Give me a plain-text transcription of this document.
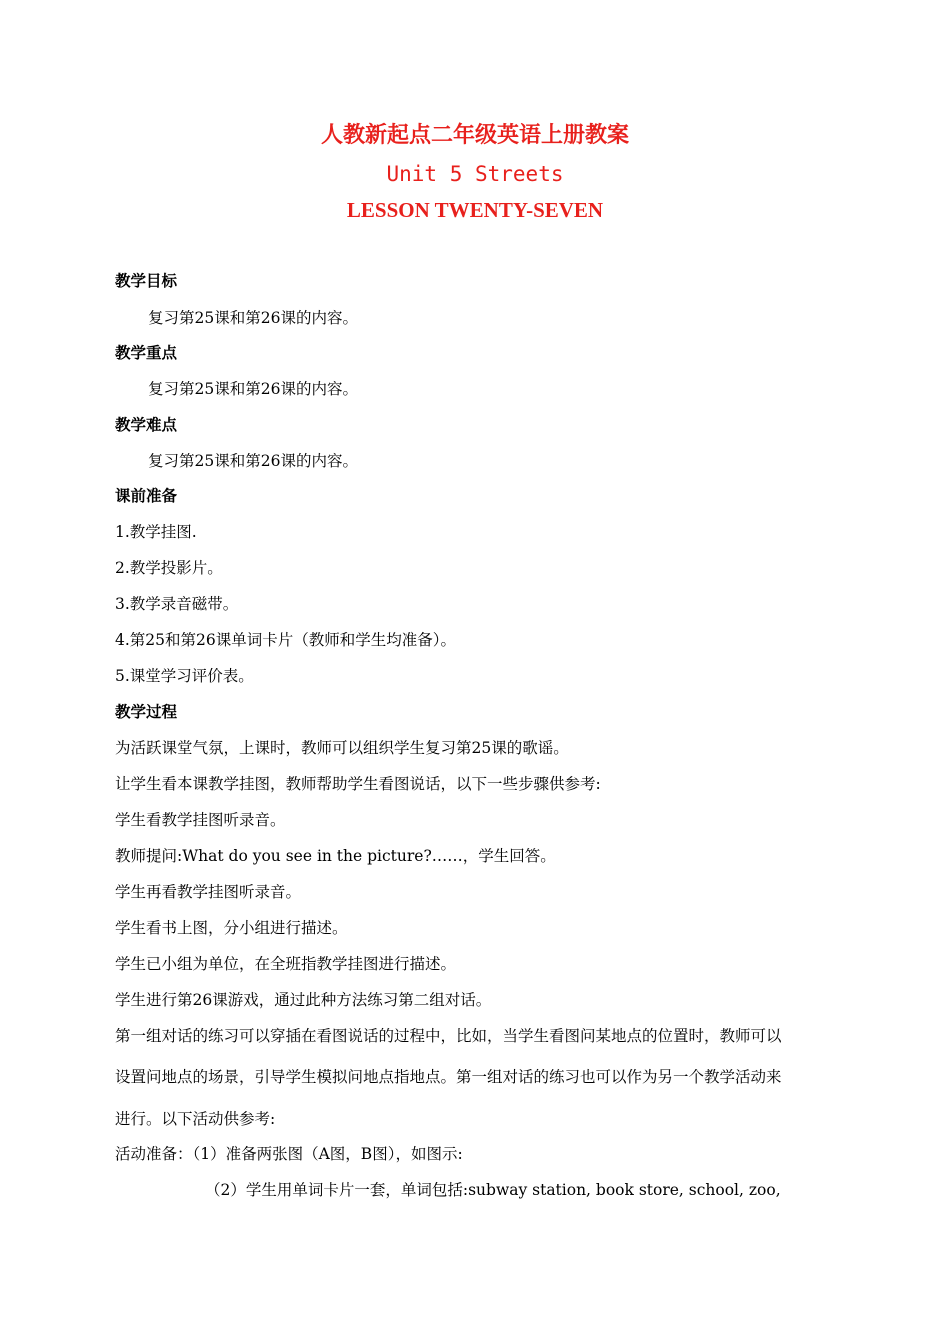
人教新起点二年级英语上册教案
Unit 5 Streets
LESSON TWENTY-SEVEN
教学目标
复习第25课和第26课的内容。
教学重点
复习第25课和第26课的内容。
教学难点
复习第25课和第26课的内容。
课前准备
1.教学挂图.
2.教学投影片。
3.教学录音磁带。
4.第25和第26课单词卡片（教师和学生均准备）。
5.课堂学习评价表。
教学过程
为活跃课堂气氛，上课时，教师可以组织学生复习第25课的歌谣。
让学生看本课教学挂图，教师帮助学生看图说话，以下一些步骤供参考:
学生看教学挂图听录音。
教师提问:What do you see in the picture?……，学生回答。
学生再看教学挂图听录音。
学生看书上图，分小组进行描述。
学生已小组为单位，在全班指教学挂图进行描述。
学生进行第26课游戏，通过此种方法练习第二组对话。
第一组对话的练习可以穿插在看图说话的过程中，比如，当学生看图问某地点的位置时，教师可以
设置问地点的场景，引导学生模拟问地点指地点。第一组对话的练习也可以作为另一个教学活动来
进行。以下活动供参考:
活动准备：（1）准备两张图（A图，B图），如图示:
（2）学生用单词卡片一套，单词包括:subway station, book store, school, zoo,
